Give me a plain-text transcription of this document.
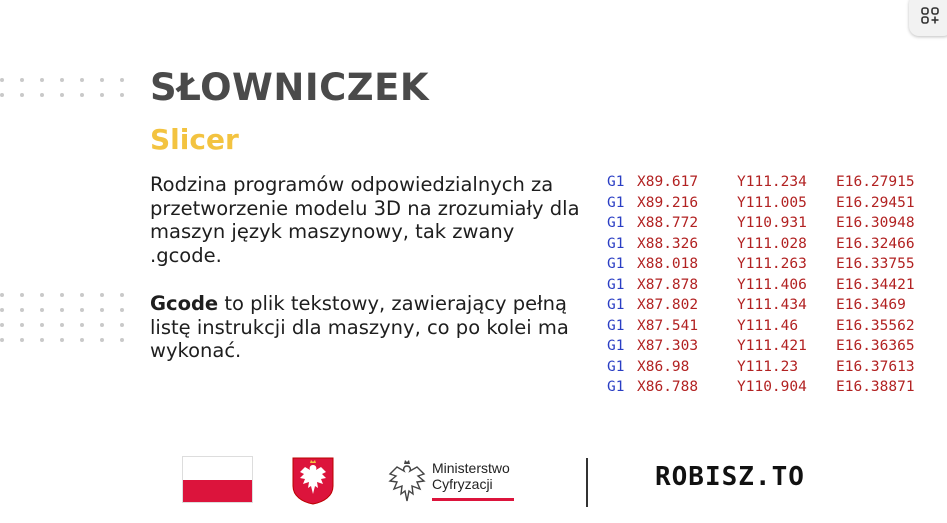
SŁOWNICZEK
Slicer

Rodzina programów odpowiedzialnych za przetworzenie modelu 3D na zrozumiały dla maszyn język maszynowy, tak zwany .gcode.

Gcode to plik tekstowy, zawierający pełną listę instrukcji dla maszyny, co po kolei ma wykonać.

G1 X89.617	Y111.234 E16.27915
G1 X89.216	Y111.005 E16.29451
G1 X88.772	Y110.931 E16.30948
G1 X88.326	Y111.028 E16.32466
G1 X88.018	Y111.263 E16.33755
G1 X87.878	Y111.406 E16.34421
G1 X87.802	Y111.434 E16.3469
G1 X87.541	Y111.46	E16.35562
G1 X87.303	Y111.421 E16.36365
G1 X86.98	Y111.23	E16.37613
G1 X86.788	Y110.904 E16.38871
Ministerstwo
Cyfryzacji	ROBISZ.TO
